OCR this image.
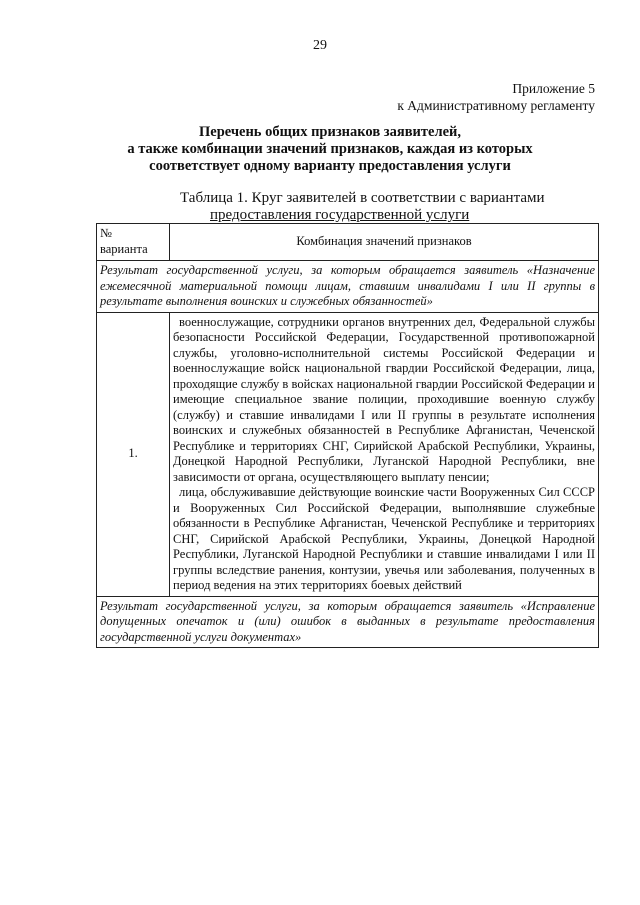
29
Приложение 5
к Административному регламенту
Перечень общих признаков заявителей,
а также комбинации значений признаков, каждая из которых
соответствует одному варианту предоставления услуги
Таблица 1. Круг заявителей в соответствии с вариантами
предоставления государственной услуги
№
варианта	Комбинация значений признаков
Результат государственной услуги, за которым обращается заявитель «Назначение ежемесячной материальной помощи лицам, ставшим инвалидами I или II группы в результате выполнения воинских и служебных обязанностей»	
1.	военнослужащие, сотрудники органов внутренних дел, Федеральной службы безопасности Российской Федерации, Государственной противопожарной службы, уголовно-исполнительной системы Российской Федерации и военнослужащие войск национальной гвардии Российской Федерации, лица, проходящие службу в войсках национальной гвардии Российской Федерации и имеющие специальное звание полиции, проходившие военную службу (службу) и ставшие инвалидами I или II группы в результате исполнения воинских и служебных обязанностей в Республике Афганистан, Чеченской Республике и территориях СНГ, Сирийской Арабской Республики, Украины, Донецкой Народной Республики, Луганской Народной Республики, вне зависимости от органа, осуществляющего выплату пенсии;

лица, обслуживавшие действующие воинские части Вооруженных Сил СССР и Вооруженных Сил Российской Федерации, выполнявшие служебные обязанности в Республике Афганистан, Чеченской Республике и территориях СНГ, Сирийской Арабской Республики, Украины, Донецкой Народной Республики, Луганской Народной Республики и ставшие инвалидами I или II группы вследствие ранения, контузии, увечья или заболевания, полученных в период ведения на этих территориях боевых действий

Результат государственной услуги, за которым обращается заявитель «Исправление допущенных опечаток и (или) ошибок в выданных в результате предоставления государственной услуги документах»	
